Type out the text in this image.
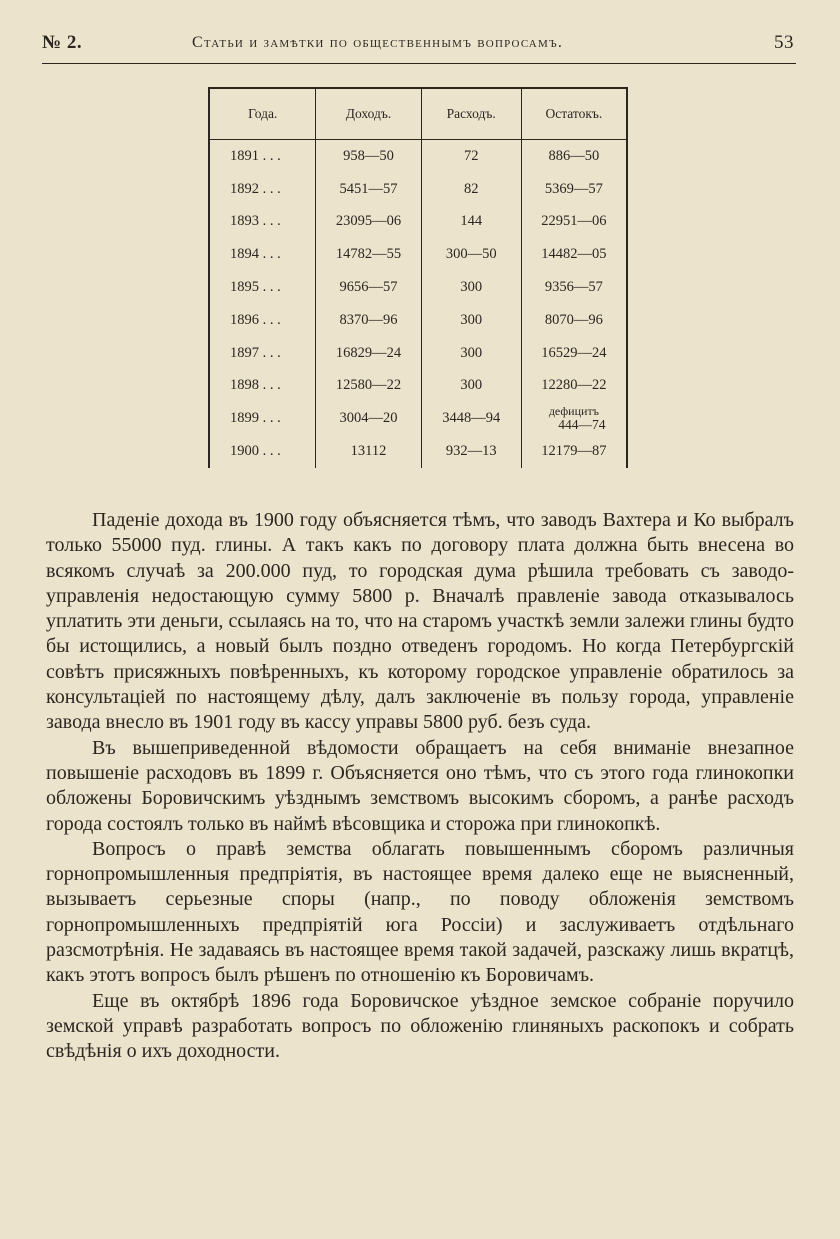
№ 2.	Статьи и замѣтки по общественнымъ вопросамъ.	53
Года.	Доходъ.	Расходъ.	Остатокъ.
1891 . . .	958—50	72	886—50
1892 . . .	5451—57	82	5369—57
1893 . . .	23095—06	144	22951—06
1894 . . .	14782—55	300—50	14482—05
1895 . . .	9656—57	300	9356—57
1896 . . .	8370—96	300	8070—96
1897 . . .	16829—24	300	16529—24
1898 . . .	12580—22	300	12280—22
1899 . . .	3004—20	3448—94	дефицитъ
444—74

1900 . . .	13112	932—13	12179—87

Паденіе дохода въ 1900 году объясняется тѣмъ, что заводъ Вахтера и Ко выбралъ только 55000 пуд. глины. А такъ какъ по договору плата должна быть внесена во всякомъ случаѣ за 200.000 пуд, то городская дума рѣшила требовать съ заводо-управленія недостающую сумму 5800 р. Вначалѣ правленіе завода отказывалось уплатить эти деньги, ссылаясь на то, что на старомъ участкѣ земли залежи глины будто бы истощились, а новый былъ поздно отведенъ городомъ. Но когда Петербургскій совѣтъ присяжныхъ повѣренныхъ, къ которому городское управленіе обратилось за консультаціей по настоящему дѣлу, далъ заключеніе въ пользу города, управленіе завода внесло въ 1901 году въ кассу управы 5800 руб. безъ суда.

Въ вышеприведенной вѣдомости обращаетъ на себя вниманіе внезапное повышеніе расходовъ въ 1899 г. Объясняется оно тѣмъ, что съ этого года глинокопки обложены Боровичскимъ уѣзднымъ земствомъ высокимъ сборомъ, а ранѣе расходъ города состоялъ только въ наймѣ вѣсовщика и сторожа при глинокопкѣ.

Вопросъ о правѣ земства облагать повышеннымъ сборомъ различныя горнопромышленныя предпріятія, въ настоящее время далеко еще не выясненный, вызываетъ серьезные споры (напр., по поводу обложенія земствомъ горнопромышленныхъ предпріятій юга Россіи) и заслуживаетъ отдѣльнаго разсмотрѣнія. Не задаваясь въ настоящее время такой задачей, разскажу лишь вкратцѣ, какъ этотъ вопросъ былъ рѣшенъ по отношенію къ Боровичамъ.

Еще въ октябрѣ 1896 года Боровичское уѣздное земское собраніе поручило земской управѣ разработать вопросъ по обложенію глиняныхъ раскопокъ и собрать свѣдѣнія о ихъ доходности.
